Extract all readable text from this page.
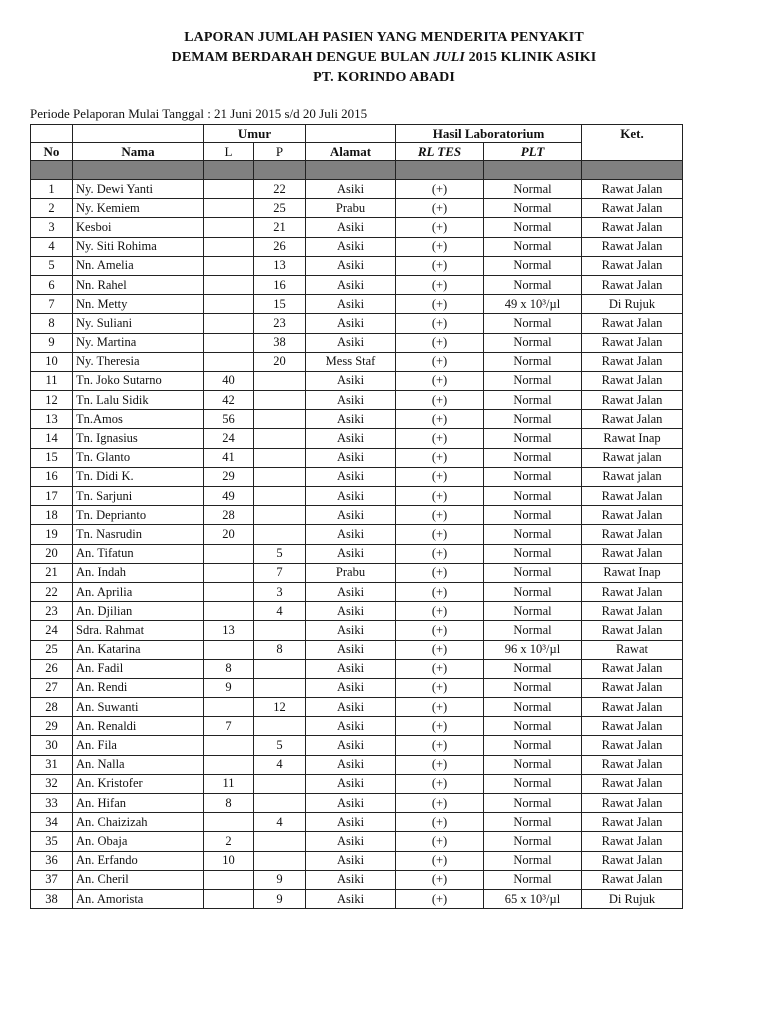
LAPORAN JUMLAH PASIEN YANG MENDERITA PENYAKIT
DEMAM BERDARAH DENGUE BULAN JULI 2015 KLINIK ASIKI
PT. KORINDO ABADI
Periode Pelaporan Mulai Tanggal : 21 Juni 2015 s/d 20 Juli 2015
		Umur			Hasil Laboratorium		Ket.
No	Nama	L	P	Alamat	RL TES	PLT	

1	Ny. Dewi Yanti		22	Asiki	(+)	Normal	Rawat Jalan
2	Ny. Kemiem		25	Prabu	(+)	Normal	Rawat Jalan
3	Kesboi		21	Asiki	(+)	Normal	Rawat Jalan
4	Ny. Siti Rohima		26	Asiki	(+)	Normal	Rawat Jalan
5	Nn. Amelia		13	Asiki	(+)	Normal	Rawat Jalan
6	Nn. Rahel		16	Asiki	(+)	Normal	Rawat Jalan
7	Nn. Metty		15	Asiki	(+)	49 x 10³/µl	Di Rujuk
8	Ny. Suliani		23	Asiki	(+)	Normal	Rawat Jalan
9	Ny. Martina		38	Asiki	(+)	Normal	Rawat Jalan
10	Ny. Theresia		20	Mess Staf	(+)	Normal	Rawat Jalan
11	Tn. Joko Sutarno	40		Asiki	(+)	Normal	Rawat Jalan
12	Tn. Lalu Sidik	42		Asiki	(+)	Normal	Rawat Jalan
13	Tn.Amos	56		Asiki	(+)	Normal	Rawat Jalan
14	Tn. Ignasius	24		Asiki	(+)	Normal	Rawat Inap
15	Tn. Glanto	41		Asiki	(+)	Normal	Rawat jalan
16	Tn. Didi K.	29		Asiki	(+)	Normal	Rawat jalan
17	Tn. Sarjuni	49		Asiki	(+)	Normal	Rawat Jalan
18	Tn. Deprianto	28		Asiki	(+)	Normal	Rawat Jalan
19	Tn. Nasrudin	20		Asiki	(+)	Normal	Rawat Jalan
20	An. Tifatun		5	Asiki	(+)	Normal	Rawat Jalan
21	An. Indah		7	Prabu	(+)	Normal	Rawat Inap
22	An. Aprilia		3	Asiki	(+)	Normal	Rawat Jalan
23	An. Djilian		4	Asiki	(+)	Normal	Rawat Jalan
24	Sdra. Rahmat	13		Asiki	(+)	Normal	Rawat Jalan
25	An. Katarina		8	Asiki	(+)	96 x 10³/µl	Rawat
26	An. Fadil	8		Asiki	(+)	Normal	Rawat Jalan
27	An. Rendi	9		Asiki	(+)	Normal	Rawat Jalan
28	An. Suwanti		12	Asiki	(+)	Normal	Rawat Jalan
29	An. Renaldi	7		Asiki	(+)	Normal	Rawat Jalan
30	An. Fila		5	Asiki	(+)	Normal	Rawat Jalan
31	An. Nalla		4	Asiki	(+)	Normal	Rawat Jalan
32	An. Kristofer	11		Asiki	(+)	Normal	Rawat Jalan
33	An. Hifan	8		Asiki	(+)	Normal	Rawat Jalan
34	An. Chaizizah		4	Asiki	(+)	Normal	Rawat Jalan
35	An. Obaja	2		Asiki	(+)	Normal	Rawat Jalan
36	An. Erfando	10		Asiki	(+)	Normal	Rawat Jalan
37	An. Cheril		9	Asiki	(+)	Normal	Rawat Jalan
38	An. Amorista		9	Asiki	(+)	65 x 10³/µl	Di Rujuk
